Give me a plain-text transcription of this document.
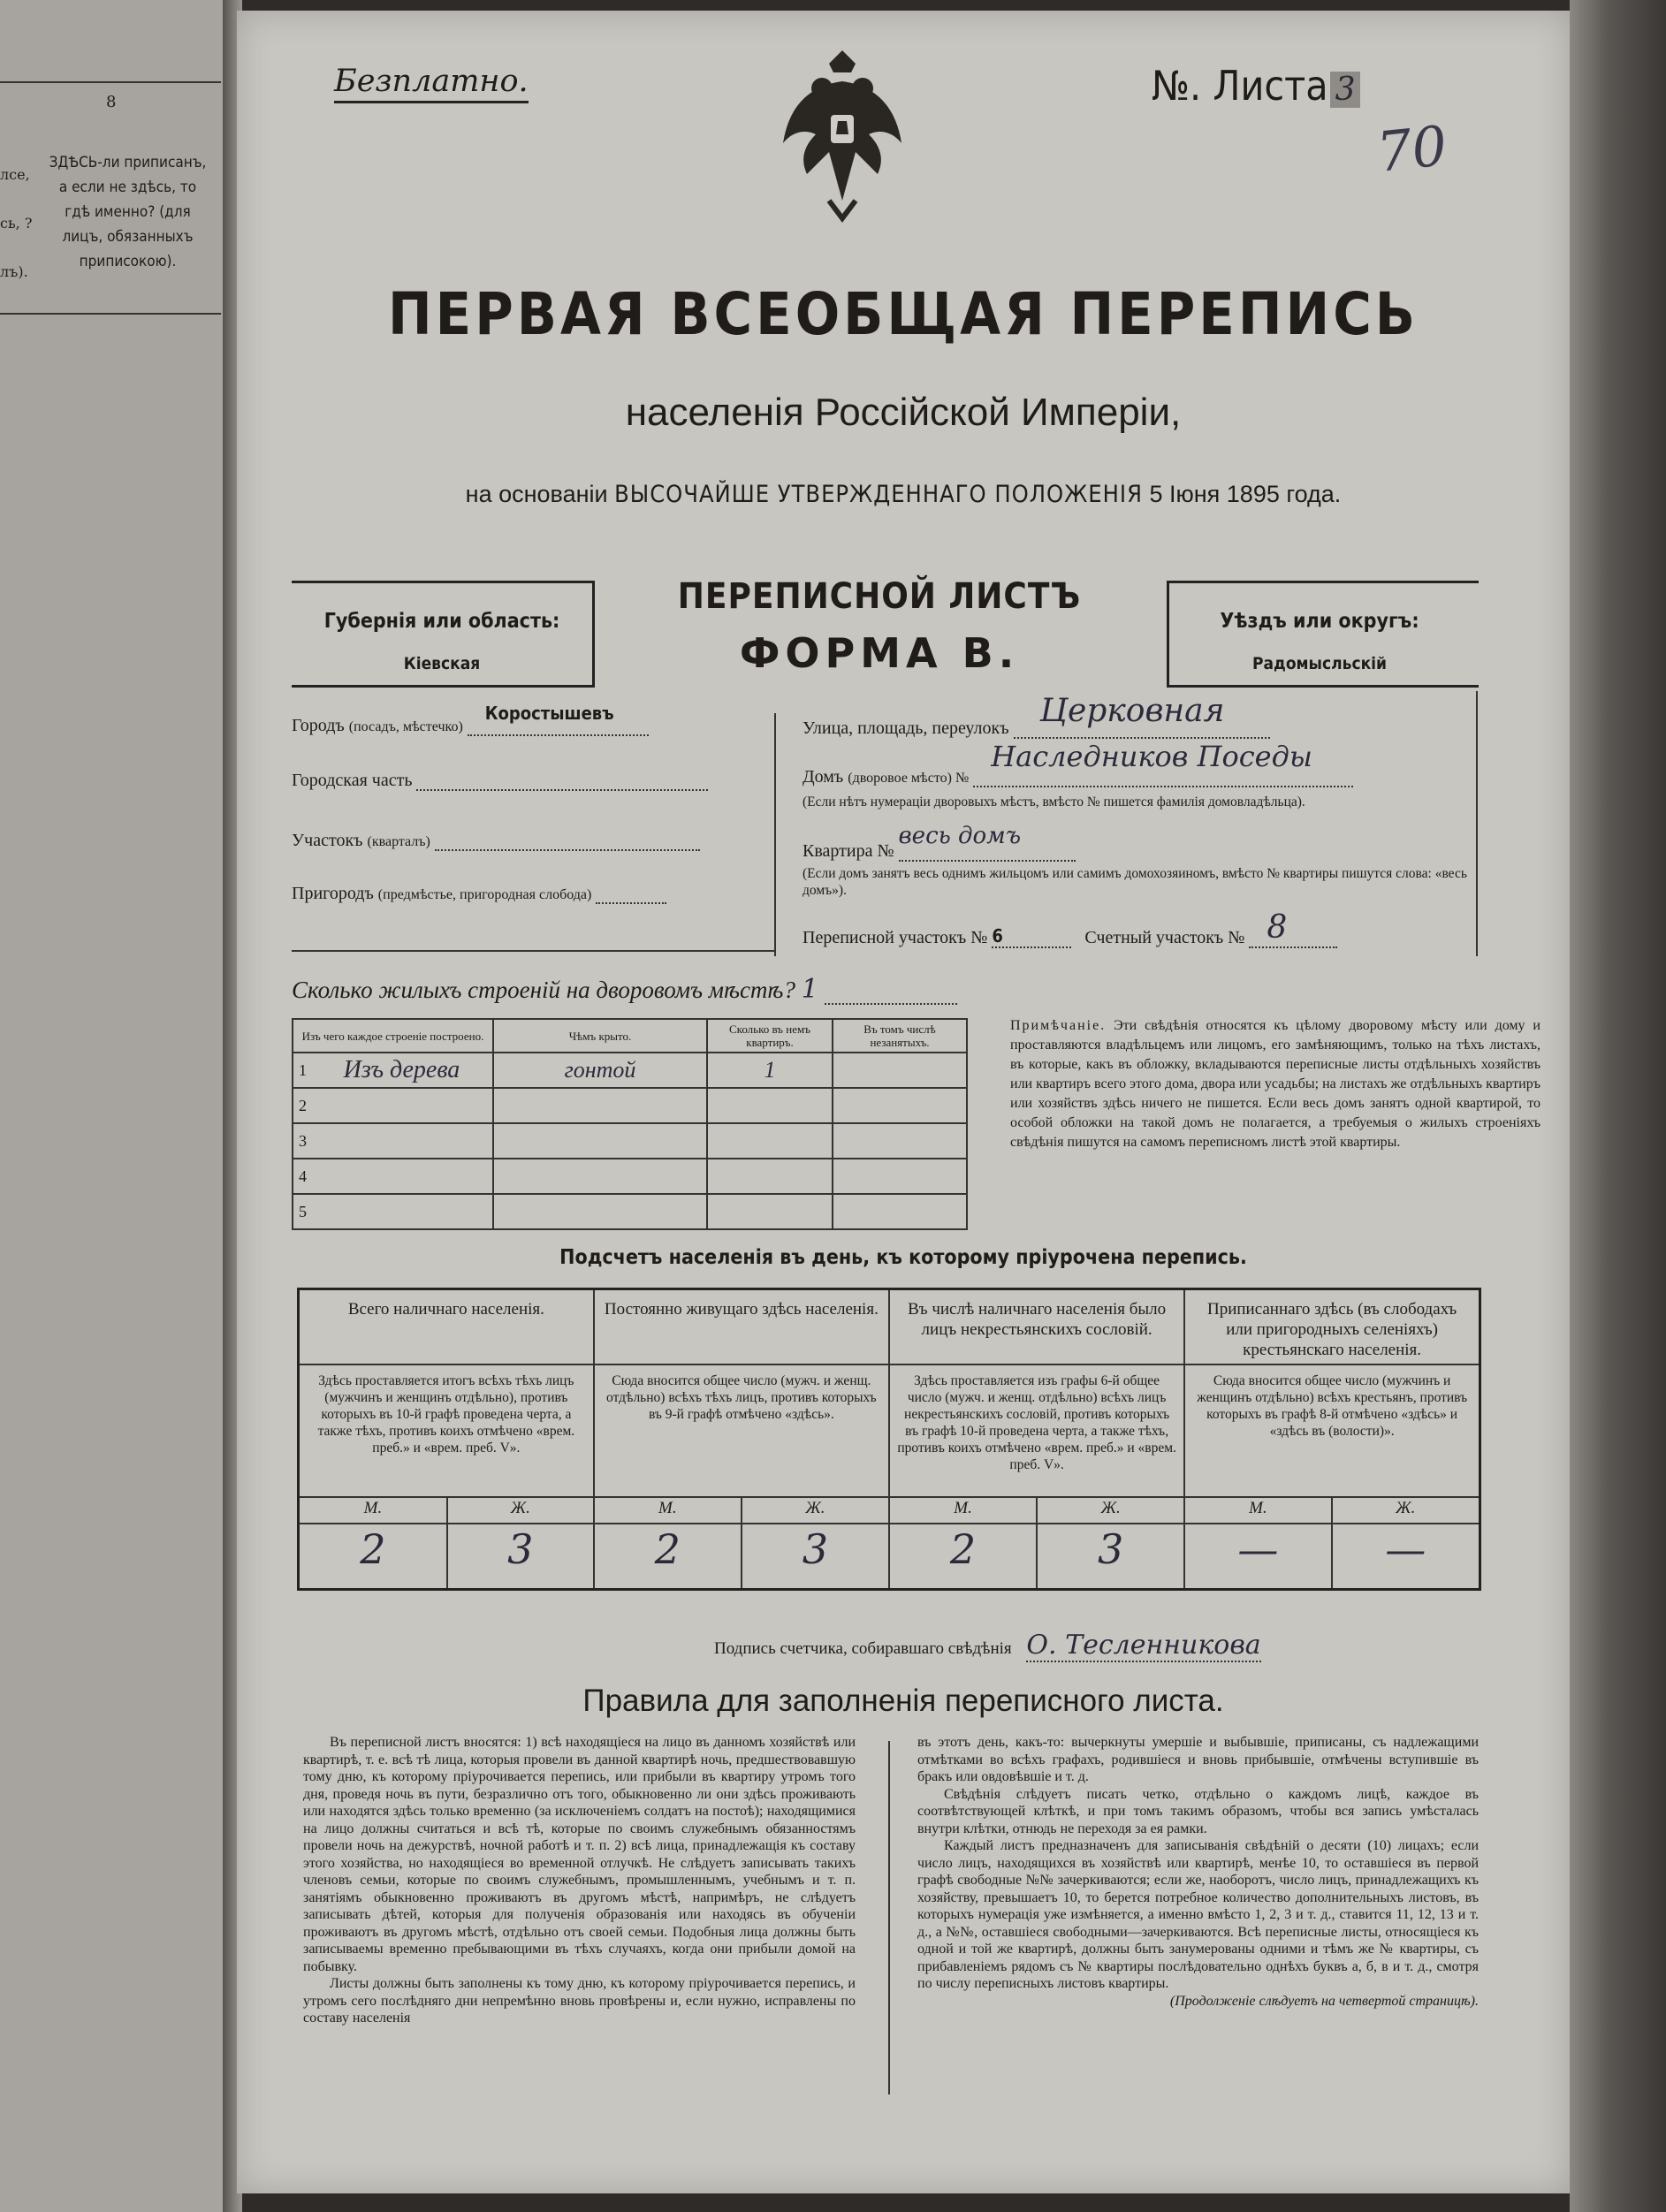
8
лсе, сь, ? лъ).
ЗДѢСЬ-ли приписанъ, а если не здѣсь, то гдѣ именно? (для лицъ, обязанныхъ приписокою).
Безплатно.	№. Листа 3
70
ПЕРВАЯ ВСЕОБЩАЯ ПЕРЕПИСЬ
населенія Россійской Имперіи,
на основаніи ВЫСОЧАЙШЕ УТВЕРЖДЕННАГО ПОЛОЖЕНІЯ 5 Іюня 1895 года.
Губернія или область:
Кіевская
ПЕРЕПИСНОЙ ЛИСТЪ
ФОРМА В.
Уѣздъ или округъ:
Радомысльскій
Городъ (посадъ, мѣстечко)
Коростышевъ
Городская часть
Участокъ (кварталъ)
Пригородъ (предмѣстье, пригородная слобода)
Улица, площадь, переулокъ Церковная
Домъ (дворовое мѣсто) №
Наследников Поседы
(Если нѣтъ нумераціи дворовыхъ мѣстъ, вмѣсто № пишется фамилія домовладѣльца).
Квартира №
весь домъ
(Если домъ занятъ весь однимъ жильцомъ или самимъ домохозяиномъ, вмѣсто № квартиры пишутся слова: «весь домъ»).
Переписной участокъ № 6	Счетный участокъ № 8
Сколько жилыхъ строеній на дворовомъ мѣстѣ? 1
Изъ чего каждое строеніе построено.		Чѣмъ крыто.	Сколько въ немъ квартиръ.	Въ томъ числѣ незанятыхъ.
1	Изъ дерева	гонтой	1	
2				
3				
4				
5				
Примѣчаніе. Эти свѣдѣнія относятся къ цѣлому дворовому мѣсту или дому и проставляются владѣльцемъ или лицомъ, его замѣняющимъ, только на тѣхъ листахъ, въ которые, какъ въ обложку, вкладываются переписные листы отдѣльныхъ хозяйствъ или квартиръ всего этого дома, двора или усадьбы; на листахъ же отдѣльныхъ квартиръ или хозяйствъ здѣсь ничего не пишется. Если весь домъ занятъ одной квартирой, то особой обложки на такой домъ не полагается, а требуемыя о жилыхъ строеніяхъ свѣдѣнія пишутся на самомъ переписномъ листѣ этой квартиры.
Подсчетъ населенія въ день, къ которому пріурочена перепись.
Всего наличнаго населенія.		Постоянно живущаго здѣсь населенія.		Въ числѣ наличнаго населенія было лицъ некрестьянскихъ сословій.		Приписаннаго здѣсь (въ слободахъ или пригородныхъ селеніяхъ) крестьянскаго населенія.	
Здѣсь проставляется итогъ всѣхъ тѣхъ лицъ (мужчинъ и женщинъ отдѣльно), противъ которыхъ въ 10-й графѣ проведена черта, а также тѣхъ, противъ коихъ отмѣчено «врем. преб.» и «врем. преб. V».		Сюда вносится общее число (мужч. и женщ. отдѣльно) всѣхъ тѣхъ лицъ, противъ которыхъ въ 9-й графѣ отмѣчено «здѣсь».		Здѣсь проставляется изъ графы 6-й общее число (мужч. и женщ. отдѣльно) всѣхъ лицъ некрестьянскихъ сословій, противъ которыхъ въ графѣ 10-й проведена черта, а также тѣхъ, противъ коихъ отмѣчено «врем. преб.» и «врем. преб. V».		Сюда вносится общее число (мужчинъ и женщинъ отдѣльно) всѣхъ крестьянъ, противъ которыхъ въ графѣ 8-й отмѣчено «здѣсь» и «здѣсь въ (волости)».	
М.	Ж.	М.	Ж.	М.	Ж.	М.	Ж.
2	3	2	3	2	3	—	—
Подпись счетчика, собиравшаго свѣдѣнія О. Тесленникова
Правила для заполненія переписного листа.

Въ переписной листъ вносятся: 1) всѣ находящіеся на лицо въ данномъ хозяйствѣ или квартирѣ, т. е. всѣ тѣ лица, которыя провели въ данной квартирѣ ночь, предшествовавшую тому дню, къ которому пріурочивается перепись, или прибыли въ квартиру утромъ того дня, проведя ночь въ пути, безразлично отъ того, обыкновенно ли они здѣсь проживають или находятся здѣсь только временно (за исключеніемъ солдатъ на постоѣ); находящимися на лицо должны считаться и всѣ тѣ, которые по своимъ служебнымъ обязанностямъ провели ночь на дежурствѣ, ночной работѣ и т. п. 2) всѣ лица, принадлежащія къ составу этого хозяйства, но находящіеся во временной отлучкѣ. Не слѣдуетъ записывать такихъ членовъ семьи, которые по своимъ служебнымъ, промышленнымъ, учебнымъ и т. п. занятіямъ обыкновенно проживаютъ въ другомъ мѣстѣ, напримѣръ, не слѣдуетъ записывать дѣтей, которыя для полученія образованія или находясь въ обученіи проживаютъ въ другомъ мѣстѣ, отдѣльно отъ своей семьи. Подобныя лица должны быть записываемы временно пребывающими въ тѣхъ случаяхъ, когда они прибыли домой на побывку.

Листы должны быть заполнены къ тому дню, къ которому пріурочивается перепись, и утромъ сего послѣдняго дни непремѣнно вновь провѣрены и, если нужно, исправлены по составу населенія

въ этотъ день, какъ-то: вычеркнуты умершіе и выбывшіе, приписаны, съ надлежащими отмѣтками во всѣхъ графахъ, родившіеся и вновь прибывшіе, отмѣчены вступившіе въ бракъ или овдовѣвшіе и т. д.

Свѣдѣнія слѣдуетъ писать четко, отдѣльно о каждомъ лицѣ, каждое въ соотвѣтствующей клѣткѣ, и при томъ такимъ образомъ, чтобы вся запись умѣсталась внутри клѣтки, отнюдь не переходя за ея рамки.

Каждый листъ предназначенъ для записыванія свѣдѣній о десяти (10) лицахъ; если число лицъ, находящихся въ хозяйствѣ или квартирѣ, менѣе 10, то оставшіеся въ первой графѣ свободные №№ зачеркиваются; если же, наоборотъ, число лицъ, принадлежащихъ къ хозяйству, превышаетъ 10, то берется потребное количество дополнительныхъ листовъ, въ которыхъ нумерація уже измѣняется, а именно вмѣсто 1, 2, 3 и т. д., ставится 11, 12, 13 и т. д., а №№, оставшіеся свободными—зачеркиваются. Всѣ переписные листы, относящіеся къ одной и той же квартирѣ, должны быть занумерованы одними и тѣмъ же № квартиры, съ прибавленіемъ рядомъ съ № квартиры послѣдовательно однѣхъ буквъ а, б, в и т. д., смотря по числу переписныхъ листовъ квартиры.

(Продолженіе слѣдуетъ на четвертой страницѣ).
